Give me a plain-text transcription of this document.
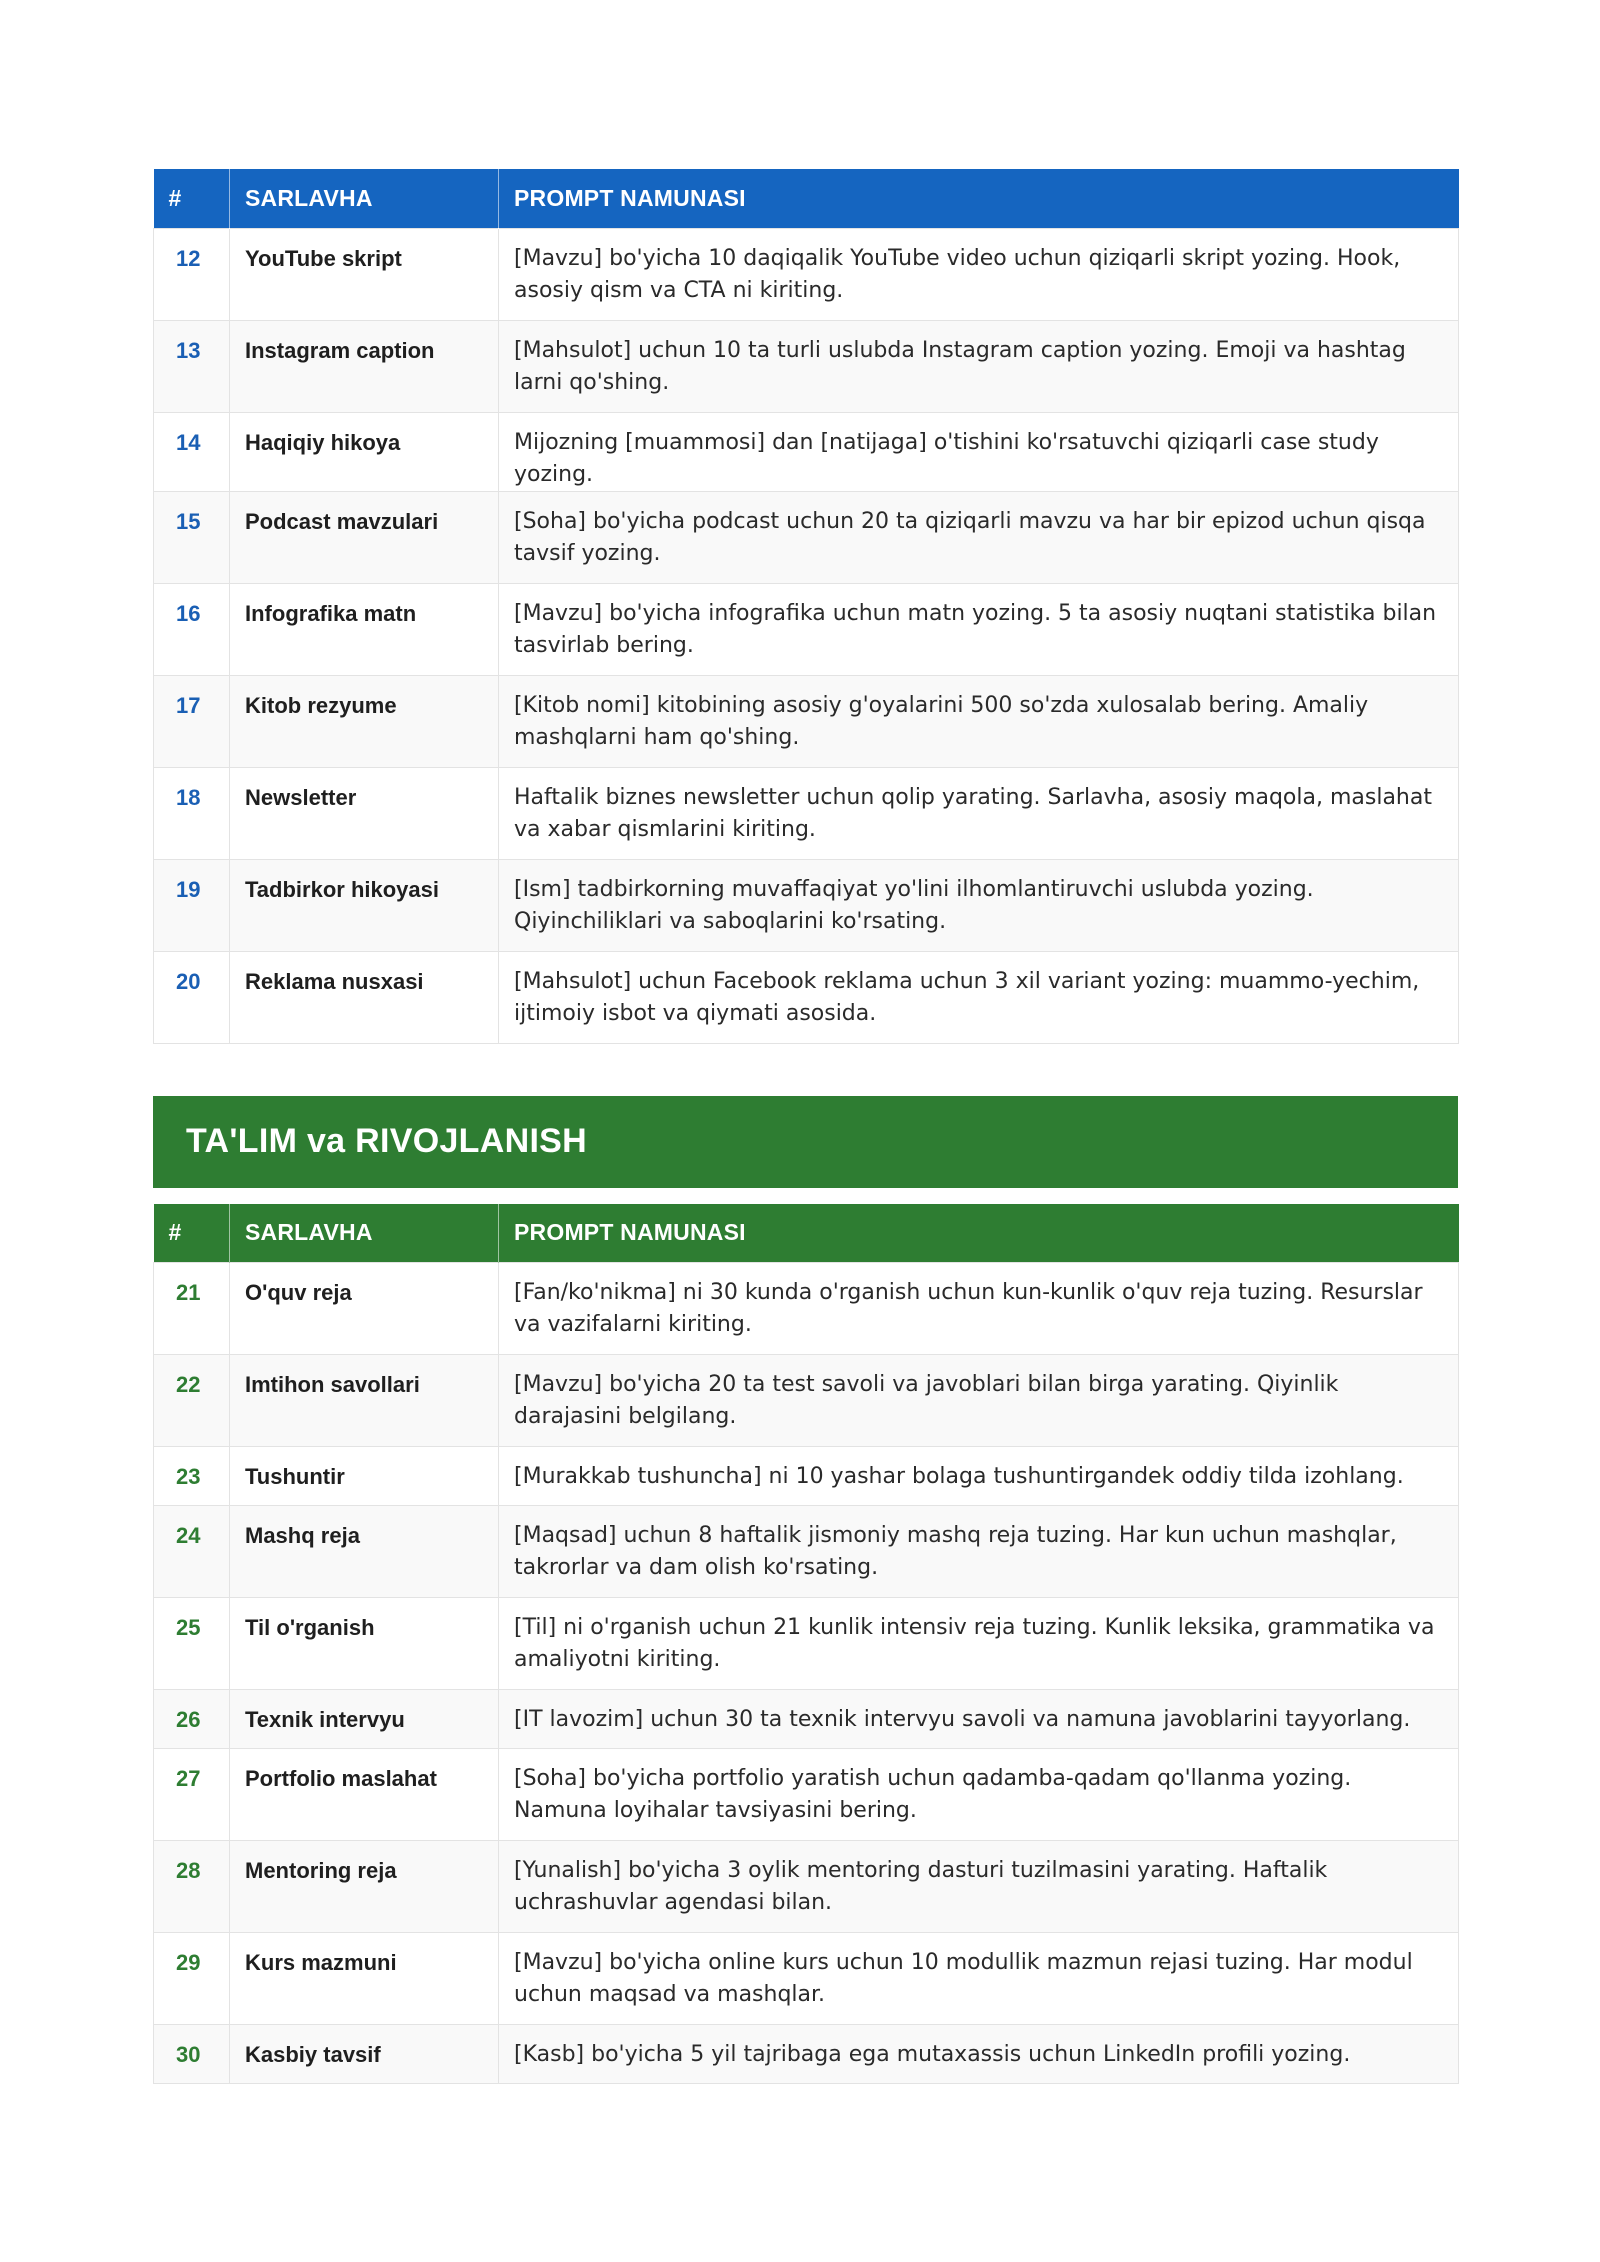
#	SARLAVHA	PROMPT NAMUNASI
12	YouTube skript	[Mavzu] bo'yicha 10 daqiqalik YouTube video uchun qiziqarli skript yozing. Hook, asosiy qism va CTA ni kiriting.
13	Instagram caption	[Mahsulot] uchun 10 ta turli uslubda Instagram caption yozing. Emoji va hashtag larni qo'shing.
14	Haqiqiy hikoya	Mijozning [muammosi] dan [natijaga] o'tishini ko'rsatuvchi qiziqarli case study yozing.
15	Podcast mavzulari	[Soha] bo'yicha podcast uchun 20 ta qiziqarli mavzu va har bir epizod uchun qisqa tavsif yozing.
16	Infografika matn	[Mavzu] bo'yicha infografika uchun matn yozing. 5 ta asosiy nuqtani statistika bilan tasvirlab bering.
17	Kitob rezyume	[Kitob nomi] kitobining asosiy g'oyalarini 500 so'zda xulosalab bering. Amaliy mashqlarni ham qo'shing.
18	Newsletter	Haftalik biznes newsletter uchun qolip yarating. Sarlavha, asosiy maqola, maslahat va xabar qismlarini kiriting.
19	Tadbirkor hikoyasi	[Ism] tadbirkorning muvaffaqiyat yo'lini ilhomlantiruvchi uslubda yozing. Qiyinchiliklari va saboqlarini ko'rsating.
20	Reklama nusxasi	[Mahsulot] uchun Facebook reklama uchun 3 xil variant yozing: muammo-yechim, ijtimoiy isbot va qiymati asosida.
TA'LIM va RIVOJLANISH
#	SARLAVHA	PROMPT NAMUNASI
21	O'quv reja	[Fan/ko'nikma] ni 30 kunda o'rganish uchun kun-kunlik o'quv reja tuzing. Resurslar va vazifalarni kiriting.
22	Imtihon savollari	[Mavzu] bo'yicha 20 ta test savoli va javoblari bilan birga yarating. Qiyinlik darajasini belgilang.
23	Tushuntir	[Murakkab tushuncha] ni 10 yashar bolaga tushuntirgandek oddiy tilda izohlang.
24	Mashq reja	[Maqsad] uchun 8 haftalik jismoniy mashq reja tuzing. Har kun uchun mashqlar, takrorlar va dam olish ko'rsating.
25	Til o'rganish	[Til] ni o'rganish uchun 21 kunlik intensiv reja tuzing. Kunlik leksika, grammatika va amaliyotni kiriting.
26	Texnik intervyu	[IT lavozim] uchun 30 ta texnik intervyu savoli va namuna javoblarini tayyorlang.
27	Portfolio maslahat	[Soha] bo'yicha portfolio yaratish uchun qadamba-qadam qo'llanma yozing. Namuna loyihalar tavsiyasini bering.
28	Mentoring reja	[Yunalish] bo'yicha 3 oylik mentoring dasturi tuzilmasini yarating. Haftalik uchrashuvlar agendasi bilan.
29	Kurs mazmuni	[Mavzu] bo'yicha online kurs uchun 10 modullik mazmun rejasi tuzing. Har modul uchun maqsad va mashqlar.
30	Kasbiy tavsif	[Kasb] bo'yicha 5 yil tajribaga ega mutaxassis uchun LinkedIn profili yozing.
